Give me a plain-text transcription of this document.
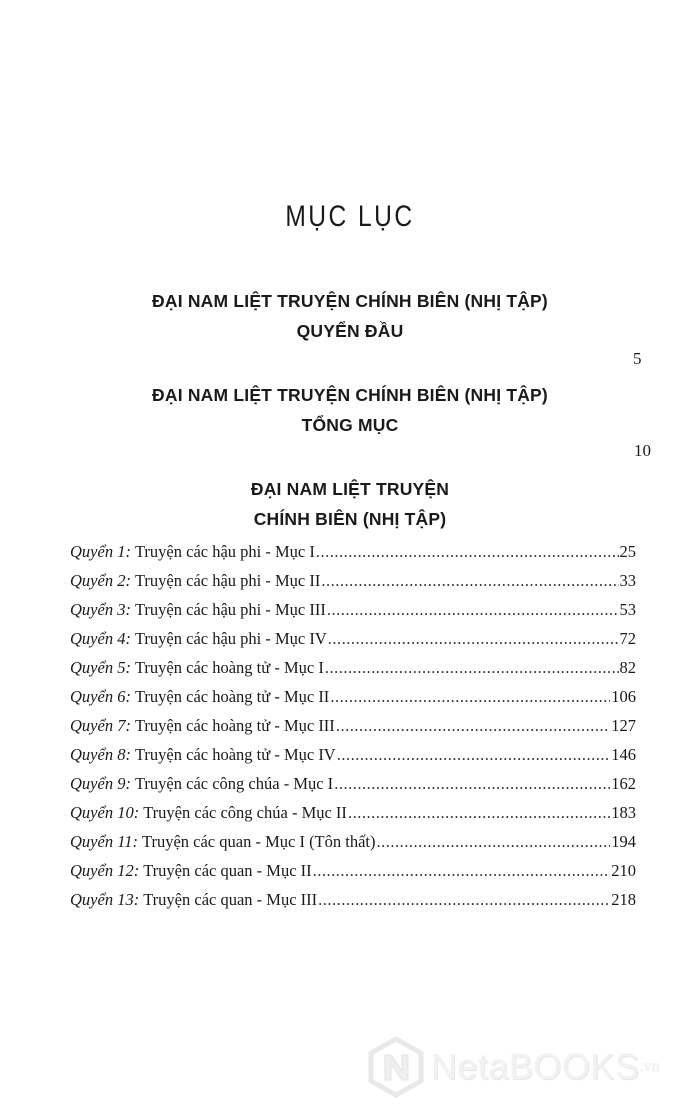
MỤC LỤC
ĐẠI NAM LIỆT TRUYỆN CHÍNH BIÊN (NHỊ TẬP)
QUYỂN ĐẦU
5
ĐẠI NAM LIỆT TRUYỆN CHÍNH BIÊN (NHỊ TẬP)
TỔNG MỤC
10
ĐẠI NAM LIỆT TRUYỆN
CHÍNH BIÊN (NHỊ TẬP)
Quyển 1: Truyện các hậu phi - Mục I .....	25
Quyển 2: Truyện các hậu phi - Mục II .....	33
Quyển 3: Truyện các hậu phi - Mục III .....	53
Quyển 4: Truyện các hậu phi - Mục IV .....	72
Quyển 5: Truyện các hoàng tử - Mục I .....	82
Quyển 6: Truyện các hoàng tử - Mục II .....	106
Quyển 7: Truyện các hoàng tử - Mục III .....	127
Quyển 8: Truyện các hoàng tử - Mục IV .....	146
Quyển 9: Truyện các công chúa - Mục I .....	162
Quyển 10: Truyện các công chúa - Mục II .....	183
Quyển 11: Truyện các quan - Mục I (Tôn thất) .....	194
Quyển 12: Truyện các quan - Mục II .....	210
Quyển 13: Truyện các quan - Mục III .....	218
NetaBOOKS .vn
